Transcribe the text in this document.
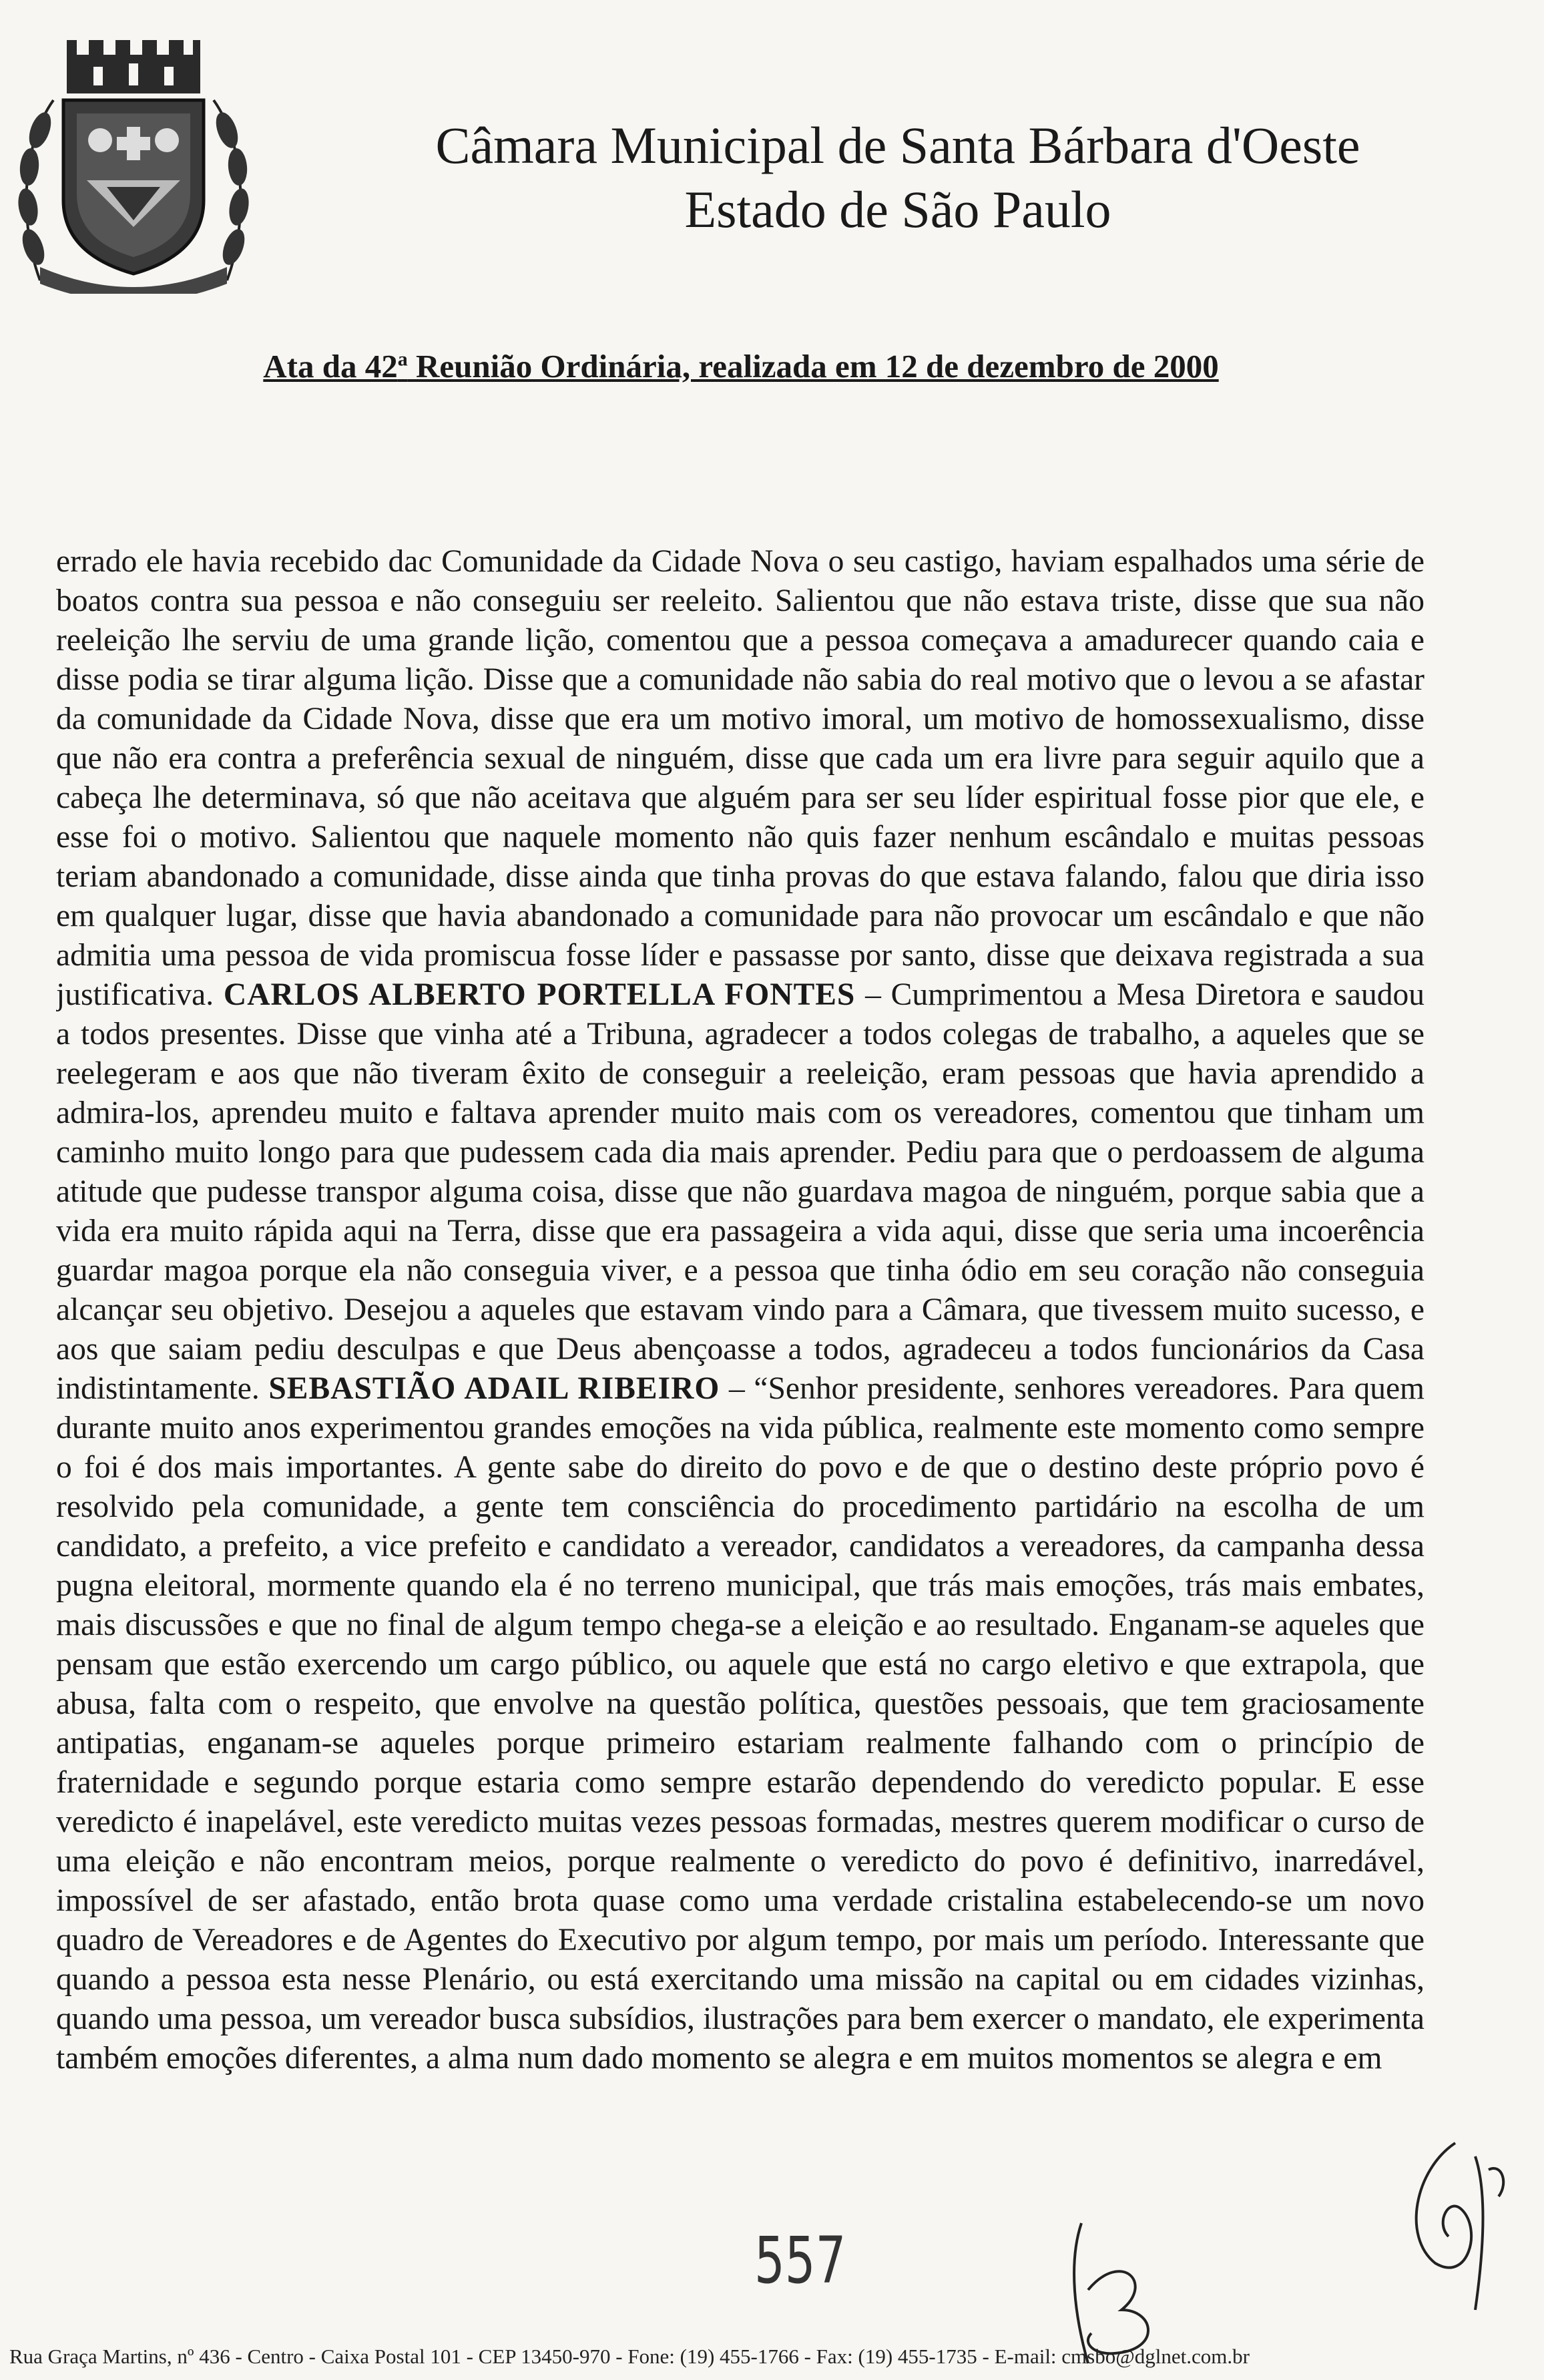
Câmara Municipal de Santa Bárbara d'Oeste
Estado de São Paulo
Ata da 42$^a$ Reunião Ordinária, realizada em 12 de dezembro de 2000

errado ele havia recebido dac Comunidade da Cidade Nova o seu castigo, haviam espalhados uma série de boatos contra sua pessoa e não conseguiu ser reeleito. Salientou que não estava triste, disse que sua não reeleição lhe serviu de uma grande lição, comentou que a pessoa começava a amadurecer quando caia e disse podia se tirar alguma lição. Disse que a comunidade não sabia do real motivo que o levou a se afastar da comunidade da Cidade Nova, disse que era um motivo imoral, um motivo de homossexualismo, disse que não era contra a preferência sexual de ninguém, disse que cada um era livre para seguir aquilo que a cabeça lhe determinava, só que não aceitava que alguém para ser seu líder espiritual fosse pior que ele, e esse foi o motivo. Salientou que naquele momento não quis fazer nenhum escândalo e muitas pessoas teriam abandonado a comunidade, disse ainda que tinha provas do que estava falando, falou que diria isso em qualquer lugar, disse que havia abandonado a comunidade para não provocar um escândalo e que não admitia uma pessoa de vida promiscua fosse líder e passasse por santo, disse que deixava registrada a sua justificativa. CARLOS ALBERTO PORTELLA FONTES – Cumprimentou a Mesa Diretora e saudou a todos presentes. Disse que vinha até a Tribuna, agradecer a todos colegas de trabalho, a aqueles que se reelegeram e aos que não tiveram êxito de conseguir a reeleição, eram pessoas que havia aprendido a admira-los, aprendeu muito e faltava aprender muito mais com os vereadores, comentou que tinham um caminho muito longo para que pudessem cada dia mais aprender. Pediu para que o perdoassem de alguma atitude que pudesse transpor alguma coisa, disse que não guardava magoa de ninguém, porque sabia que a vida era muito rápida aqui na Terra, disse que era passageira a vida aqui, disse que seria uma incoerência guardar magoa porque ela não conseguia viver, e a pessoa que tinha ódio em seu coração não conseguia alcançar seu objetivo. Desejou a aqueles que estavam vindo para a Câmara, que tivessem muito sucesso, e aos que saiam pediu desculpas e que Deus abençoasse a todos, agradeceu a todos funcionários da Casa indistintamente. SEBASTIÃO ADAIL RIBEIRO – “Senhor presidente, senhores vereadores. Para quem durante muito anos experimentou grandes emoções na vida pública, realmente este momento como sempre o foi é dos mais importantes. A gente sabe do direito do povo e de que o destino deste próprio povo é resolvido pela comunidade, a gente tem consciência do procedimento partidário na escolha de um candidato, a prefeito, a vice prefeito e candidato a vereador, candidatos a vereadores, da campanha dessa pugna eleitoral, mormente quando ela é no terreno municipal, que trás mais emoções, trás mais embates, mais discussões e que no final de algum tempo chega-se a eleição e ao resultado. Enganam-se aqueles que pensam que estão exercendo um cargo público, ou aquele que está no cargo eletivo e que extrapola, que abusa, falta com o respeito, que envolve na questão política, questões pessoais, que tem graciosamente antipatias, enganam-se aqueles porque primeiro estariam realmente falhando com o princípio de fraternidade e segundo porque estaria como sempre estarão dependendo do veredicto popular. E esse veredicto é inapelável, este veredicto muitas vezes pessoas formadas, mestres querem modificar o curso de uma eleição e não encontram meios, porque realmente o veredicto do povo é definitivo, inarredável, impossível de ser afastado, então brota quase como uma verdade cristalina estabelecendo-se um novo quadro de Vereadores e de Agentes do Executivo por algum tempo, por mais um período. Interessante que quando a pessoa esta nesse Plenário, ou está exercitando uma missão na capital ou em cidades vizinhas, quando uma pessoa, um vereador busca subsídios, ilustrações para bem exercer o mandato, ele experimenta também emoções diferentes, a alma num dado momento se alegra e em muitos momentos se alegra e em

557
Rua Graça Martins, nº 436 - Centro - Caixa Postal 101 - CEP 13450-970 - Fone: (19) 455-1766 - Fax: (19) 455-1735 - E-mail: cmsbo@dglnet.com.br
